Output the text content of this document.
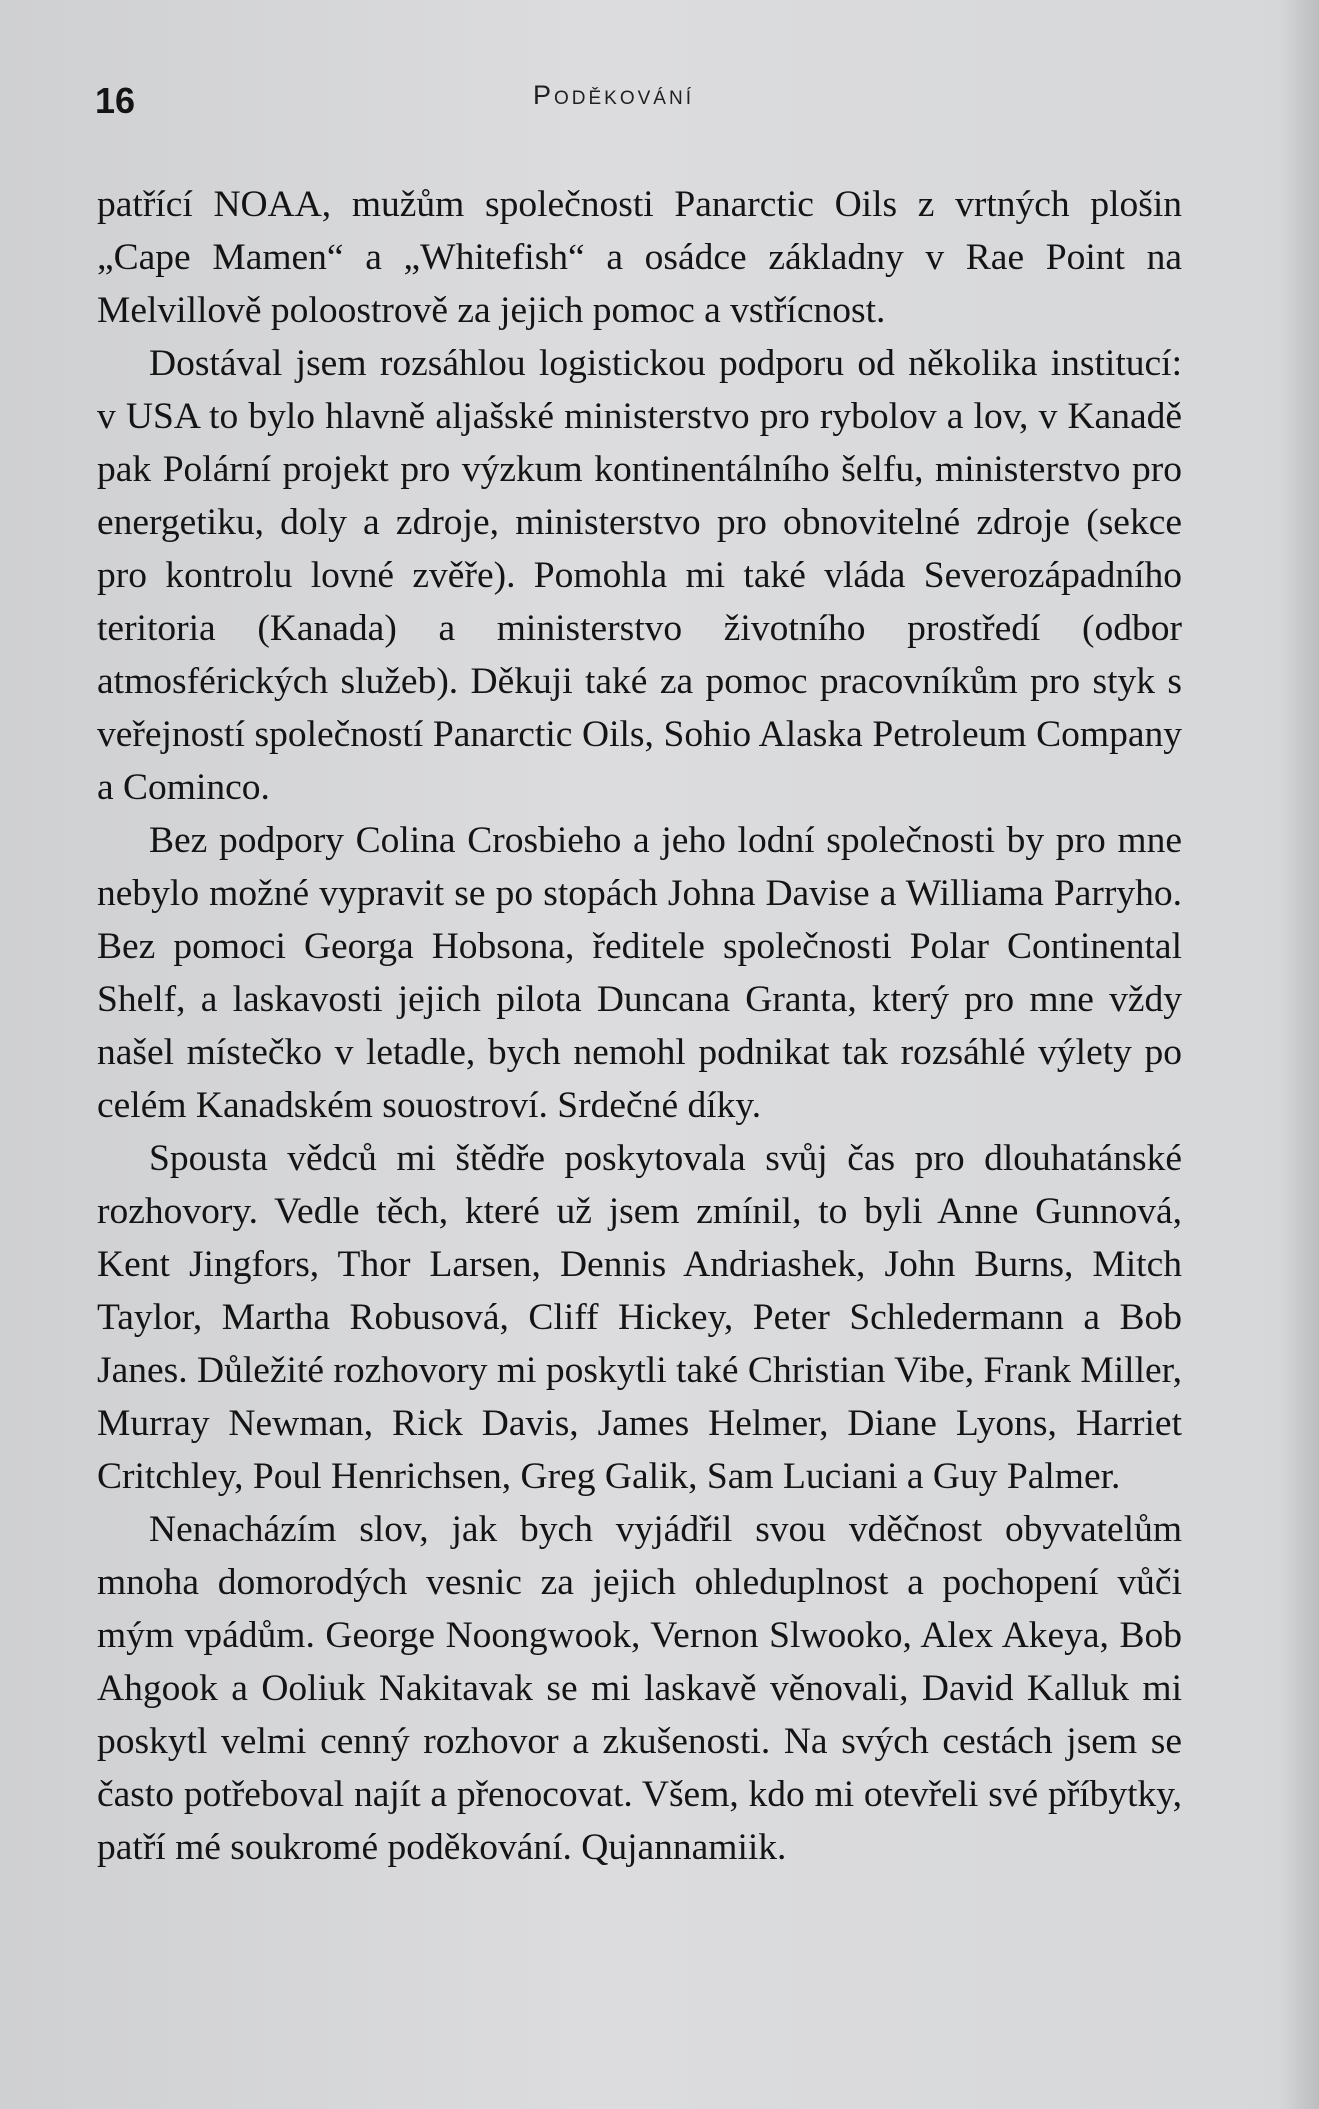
16	Poděkování

patřící NOAA, mužům společnosti Panarctic Oils z vrtných plošin „Cape Mamen“ a „Whitefish“ a osádce základny v Rae Point na Melvillově poloostrově za jejich pomoc a vstřícnost.

Dostával jsem rozsáhlou logistickou podporu od několika institucí: v USA to bylo hlavně aljašské ministerstvo pro rybolov a lov, v Kanadě pak Polární projekt pro výzkum kontinentálního šelfu, ministerstvo pro energetiku, doly a zdroje, ministerstvo pro obnovitelné zdroje (sekce pro kontrolu lovné zvěře). Pomohla mi také vláda Severozápadního teritoria (Kanada) a ministerstvo životního prostředí (odbor atmosférických služeb). Děkuji také za pomoc pracovníkům pro styk s veřejností společností Panarctic Oils, Sohio Alaska Petroleum Company a Cominco.

Bez podpory Colina Crosbieho a jeho lodní společnosti by pro mne nebylo možné vypravit se po stopách Johna Davise a Williama Parryho. Bez pomoci Georga Hobsona, ředitele společnosti Polar Continental Shelf, a laskavosti jejich pilota Duncana Granta, který pro mne vždy našel místečko v letadle, bych nemohl podnikat tak rozsáhlé výlety po celém Kanadském souostroví. Srdečné díky.

Spousta vědců mi štědře poskytovala svůj čas pro dlouhatánské rozhovory. Vedle těch, které už jsem zmínil, to byli Anne Gunnová, Kent Jingfors, Thor Larsen, Dennis Andriashek, John Burns, Mitch Taylor, Martha Robusová, Cliff Hickey, Peter Schledermann a Bob Janes. Důležité rozhovory mi poskytli také Christian Vibe, Frank Miller, Murray Newman, Rick Davis, James Helmer, Diane Lyons, Harriet Critchley, Poul Henrichsen, Greg Galik, Sam Luciani a Guy Palmer.

Nenacházím slov, jak bych vyjádřil svou vděčnost obyvatelům mnoha domorodých vesnic za jejich ohleduplnost a pochopení vůči mým vpádům. George Noongwook, Vernon Slwooko, Alex Akeya, Bob Ahgook a Ooliuk Nakitavak se mi laskavě věnovali, David Kalluk mi poskytl velmi cenný rozhovor a zkušenosti. Na svých cestách jsem se často potřeboval najít a přenocovat. Všem, kdo mi otevřeli své příbytky, patří mé soukromé poděkování. Qujannamiik.
